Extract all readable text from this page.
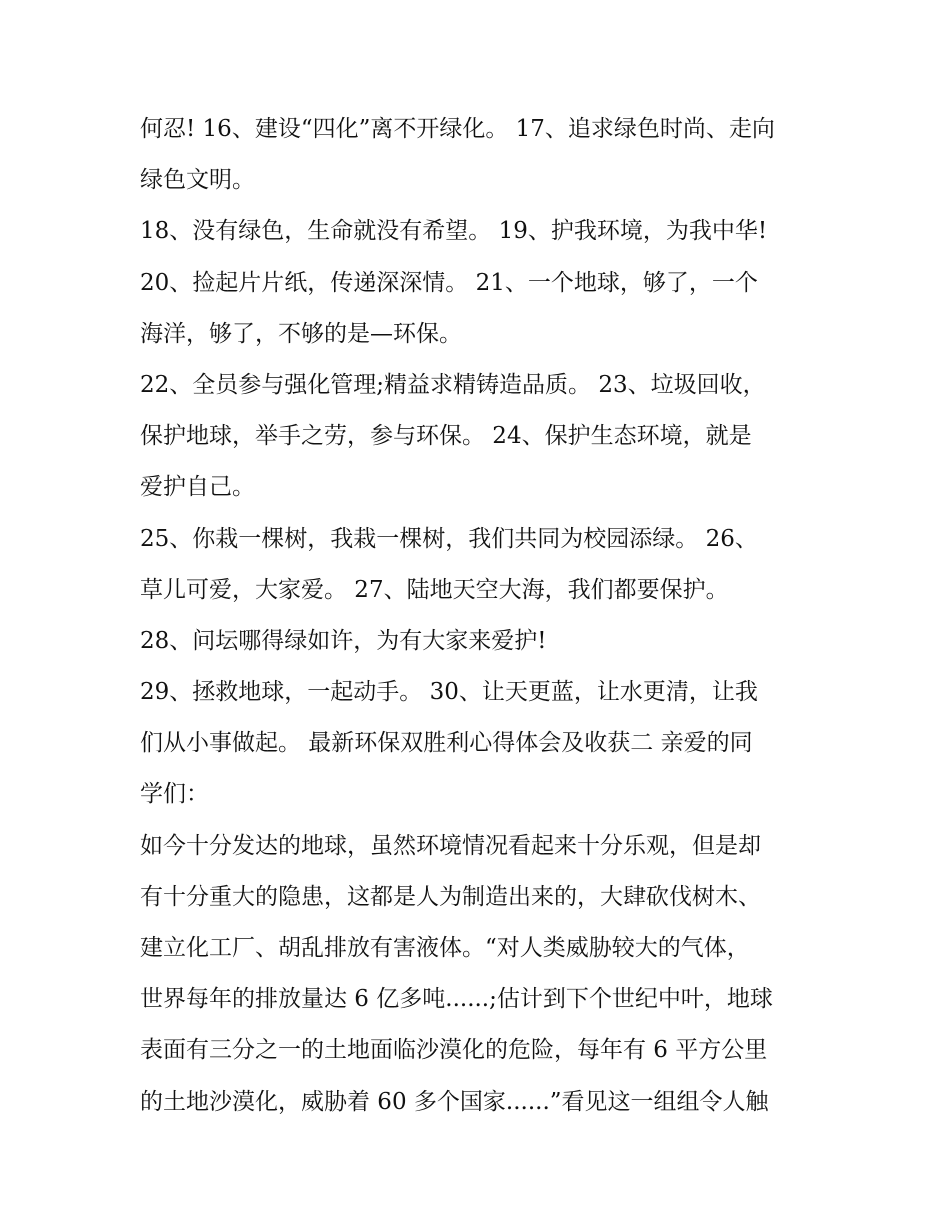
何忍! 16、建设“四化”离不开绿化。 17、追求绿色时尚、走向
绿色文明。
18、没有绿色，生命就没有希望。 19、护我环境，为我中华!
20、捡起片片纸，传递深深情。 21、一个地球，够了，一个
海洋，够了，不够的是—环保。
22、全员参与强化管理;精益求精铸造品质。 23、垃圾回收，
保护地球，举手之劳，参与环保。 24、保护生态环境，就是
爱护自己。
25、你栽一棵树，我栽一棵树，我们共同为校园添绿。 26、
草儿可爱，大家爱。 27、陆地天空大海，我们都要保护。
28、问坛哪得绿如许，为有大家来爱护!
29、拯救地球，一起动手。 30、让天更蓝，让水更清，让我
们从小事做起。 最新环保双胜利心得体会及收获二 亲爱的同
学们：
如今十分发达的地球，虽然环境情况看起来十分乐观，但是却
有十分重大的隐患，这都是人为制造出来的，大肆砍伐树木、
建立化工厂、胡乱排放有害液体。“对人类威胁较大的气体，
世界每年的排放量达 6 亿多吨......;估计到下个世纪中叶，地球
表面有三分之一的土地面临沙漠化的危险，每年有 6 平方公里
的土地沙漠化，威胁着 60 多个国家......”看见这一组组令人触
